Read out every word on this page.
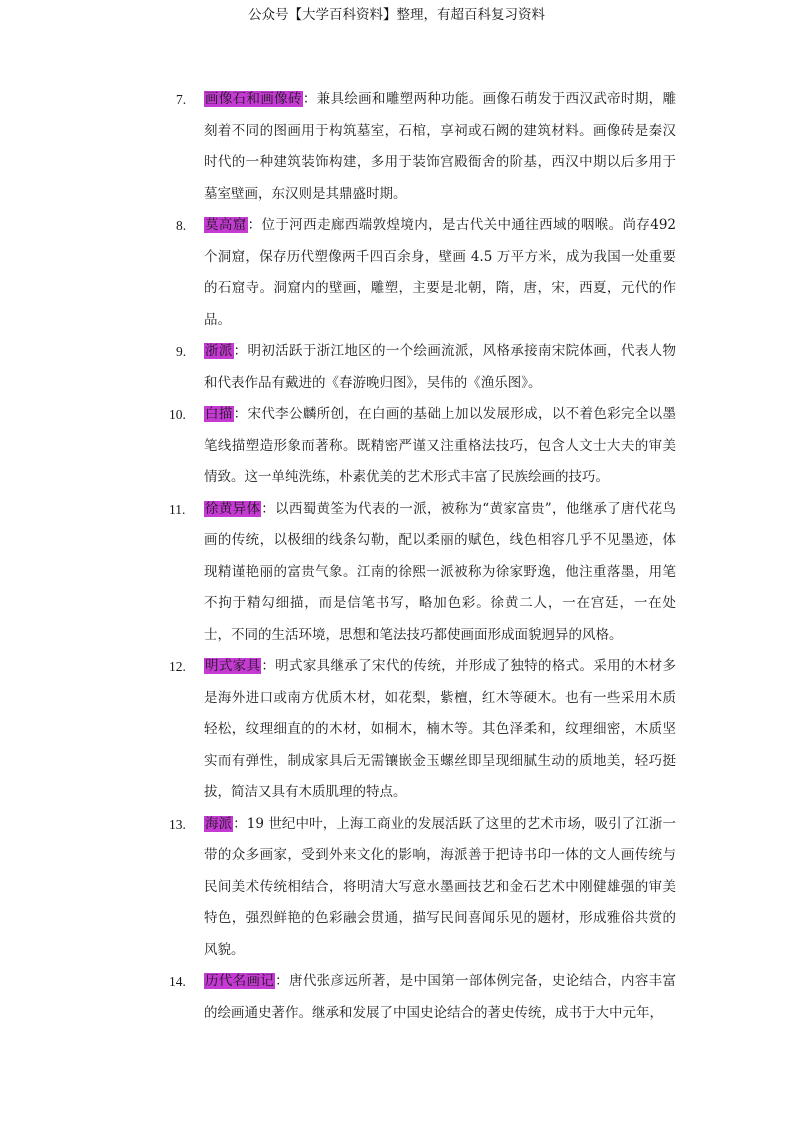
公众号【大学百科资料】整理，有超百科复习资料
7.	画像石和画像砖：兼具绘画和雕塑两种功能。画像石萌发于西汉武帝时期，雕刻着不同的图画用于构筑墓室，石棺，享祠或石阙的建筑材料。画像砖是秦汉时代的一种建筑装饰构建，多用于装饰宫殿衙舍的阶基，西汉中期以后多用于墓室壁画，东汉则是其鼎盛时期。
8.	莫高窟：位于河西走廊西端敦煌境内，是古代关中通往西域的咽喉。尚存492个洞窟，保存历代塑像两千四百余身，壁画 4.5 万平方米，成为我国一处重要的石窟寺。洞窟内的壁画，雕塑，主要是北朝，隋，唐，宋，西夏，元代的作品。
9.	浙派：明初活跃于浙江地区的一个绘画流派，风格承接南宋院体画，代表人物和代表作品有戴进的《春游晚归图》，吴伟的《渔乐图》。
10.	白描：宋代李公麟所创，在白画的基础上加以发展形成，以不着色彩完全以墨笔线描塑造形象而著称。既精密严谨又注重格法技巧，包含人文士大夫的审美情致。这一单纯洗练，朴素优美的艺术形式丰富了民族绘画的技巧。
11.	徐黄异体：以西蜀黄筌为代表的一派，被称为“黄家富贵”，他继承了唐代花鸟画的传统，以极细的线条勾勒，配以柔丽的赋色，线色相容几乎不见墨迹，体现精谨艳丽的富贵气象。江南的徐熙一派被称为徐家野逸，他注重落墨，用笔不拘于精勾细描，而是信笔书写，略加色彩。徐黄二人，一在宫廷，一在处士，不同的生活环境，思想和笔法技巧都使画面形成面貌迥异的风格。
12.	明式家具：明式家具继承了宋代的传统，并形成了独特的格式。采用的木材多是海外进口或南方优质木材，如花梨，紫檀，红木等硬木。也有一些采用木质轻松，纹理细直的的木材，如桐木，楠木等。其色泽柔和，纹理细密，木质坚实而有弹性，制成家具后无需镶嵌金玉螺丝即呈现细腻生动的质地美，轻巧挺拔，简洁又具有木质肌理的特点。
13.	海派：19 世纪中叶，上海工商业的发展活跃了这里的艺术市场，吸引了江浙一带的众多画家，受到外来文化的影响，海派善于把诗书印一体的文人画传统与民间美术传统相结合，将明清大写意水墨画技艺和金石艺术中刚健雄强的审美特色，强烈鲜艳的色彩融会贯通，描写民间喜闻乐见的题材，形成雅俗共赏的风貌。
14.	历代名画记：唐代张彦远所著，是中国第一部体例完备，史论结合，内容丰富的绘画通史著作。继承和发展了中国史论结合的著史传统，成书于大中元年，
